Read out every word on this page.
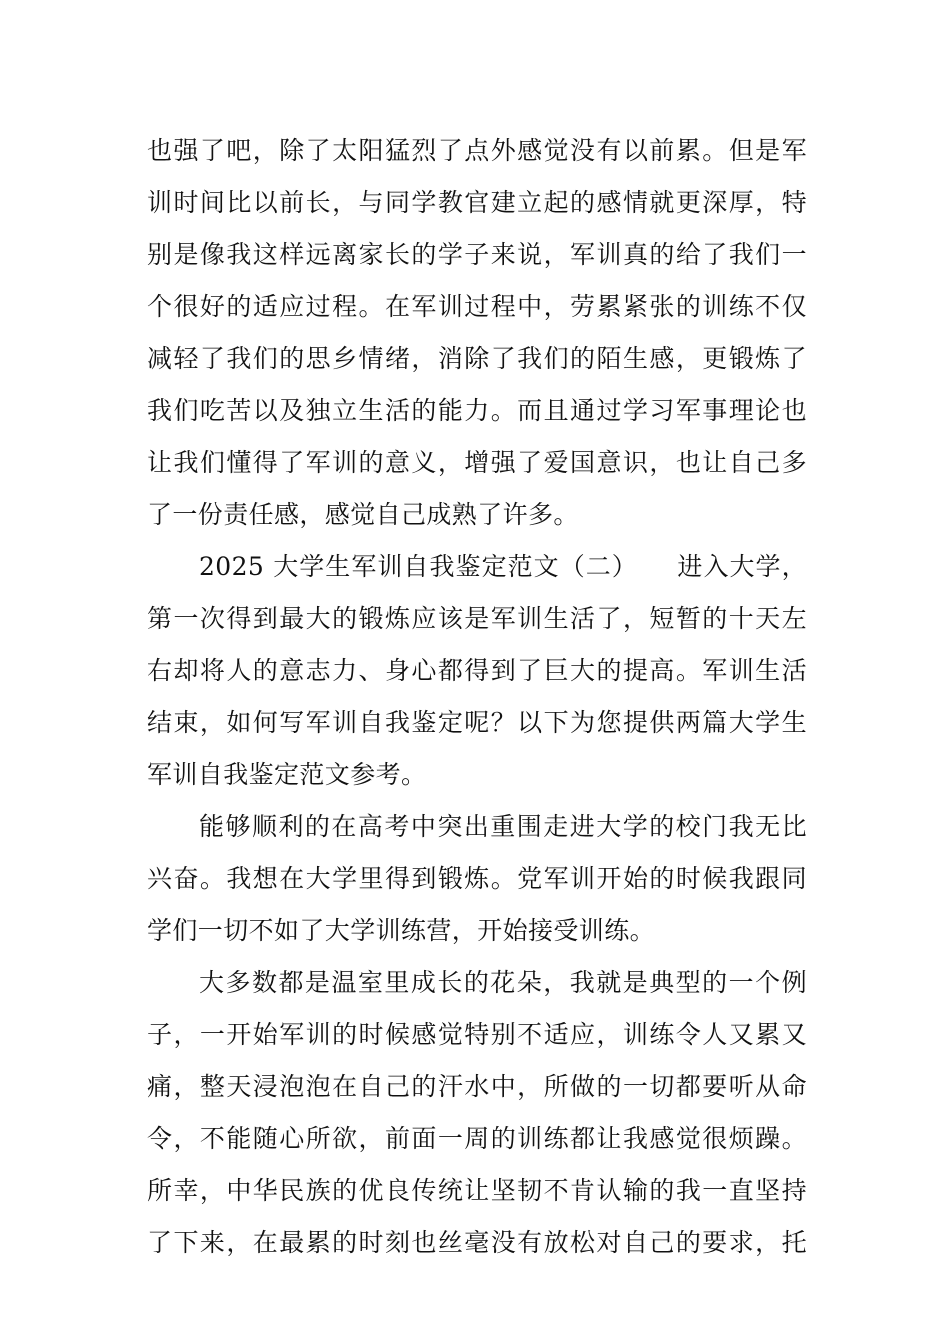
也强了吧，除了太阳猛烈了点外感觉没有以前累。但是军
训时间比以前长，与同学教官建立起的感情就更深厚，特
别是像我这样远离家长的学子来说，军训真的给了我们一
个很好的适应过程。在军训过程中，劳累紧张的训练不仅
减轻了我们的思乡情绪，消除了我们的陌生感，更锻炼了
我们吃苦以及独立生活的能力。而且通过学习军事理论也
让我们懂得了军训的意义，增强了爱国意识，也让自己多
了一份责任感，感觉自己成熟了许多。
2025 大学生军训自我鉴定范文（二）　　进入大学，
第一次得到最大的锻炼应该是军训生活了，短暂的十天左
右却将人的意志力、身心都得到了巨大的提高。军训生活
结束，如何写军训自我鉴定呢？以下为您提供两篇大学生
军训自我鉴定范文参考。
能够顺利的在高考中突出重围走进大学的校门我无比
兴奋。我想在大学里得到锻炼。党军训开始的时候我跟同
学们一切不如了大学训练营，开始接受训练。
大多数都是温室里成长的花朵，我就是典型的一个例
子，一开始军训的时候感觉特别不适应，训练令人又累又
痛，整天浸泡泡在自己的汗水中，所做的一切都要听从命
令，不能随心所欲，前面一周的训练都让我感觉很烦躁。
所幸，中华民族的优良传统让坚韧不肯认输的我一直坚持
了下来，在最累的时刻也丝毫没有放松对自己的要求，托
